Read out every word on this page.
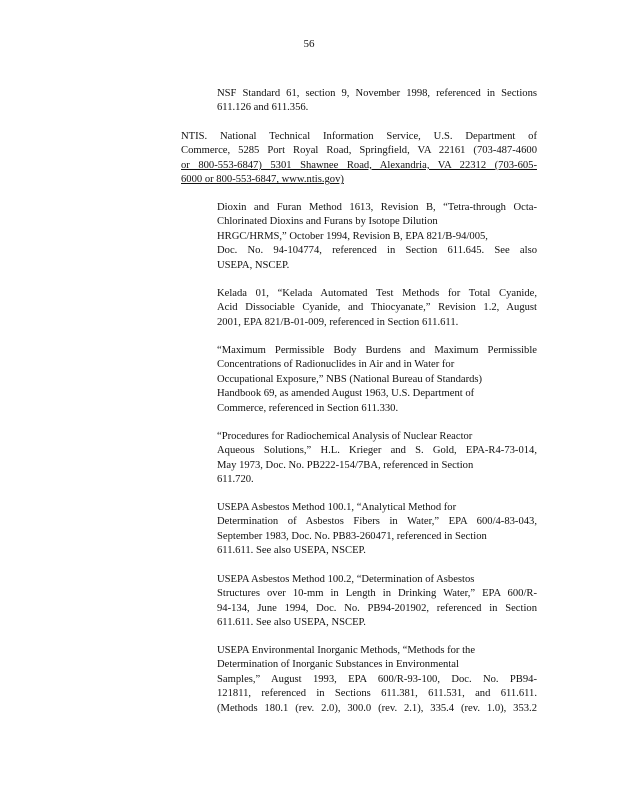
56
NSF Standard 61, section 9, November 1998, referenced in Sections
611.126 and 611.356.
NTIS. National Technical Information Service, U.S. Department of
Commerce, 5285 Port Royal Road, Springfield, VA 22161 (703-487-4600
or 800-553-6847) 5301 Shawnee Road, Alexandria, VA 22312 (703-605-
6000 or 800-553-6847, www.ntis.gov)
Dioxin and Furan Method 1613, Revision B, “Tetra-through Octa-
Chlorinated Dioxins and Furans by Isotope Dilution
HRGC/HRMS,” October 1994, Revision B, EPA 821/B-94/005,
Doc. No. 94-104774, referenced in Section 611.645. See also
USEPA, NSCEP.
Kelada 01, “Kelada Automated Test Methods for Total Cyanide,
Acid Dissociable Cyanide, and Thiocyanate,” Revision 1.2, August
2001, EPA 821/B-01-009, referenced in Section 611.611.
“Maximum Permissible Body Burdens and Maximum Permissible
Concentrations of Radionuclides in Air and in Water for
Occupational Exposure,” NBS (National Bureau of Standards)
Handbook 69, as amended August 1963, U.S. Department of
Commerce, referenced in Section 611.330.
“Procedures for Radiochemical Analysis of Nuclear Reactor
Aqueous Solutions,” H.L. Krieger and S. Gold, EPA-R4-73-014,
May 1973, Doc. No. PB222-154/7BA, referenced in Section
611.720.
USEPA Asbestos Method 100.1, “Analytical Method for
Determination of Asbestos Fibers in Water,” EPA 600/4-83-043,
September 1983, Doc. No. PB83-260471, referenced in Section
611.611. See also USEPA, NSCEP.
USEPA Asbestos Method 100.2, “Determination of Asbestos
Structures over 10-mm in Length in Drinking Water,” EPA 600/R-
94-134, June 1994, Doc. No. PB94-201902, referenced in Section
611.611. See also USEPA, NSCEP.
USEPA Environmental Inorganic Methods, “Methods for the
Determination of Inorganic Substances in Environmental
Samples,” August 1993, EPA 600/R-93-100, Doc. No. PB94-
121811, referenced in Sections 611.381, 611.531, and 611.611.
(Methods 180.1 (rev. 2.0), 300.0 (rev. 2.1), 335.4 (rev. 1.0), 353.2
